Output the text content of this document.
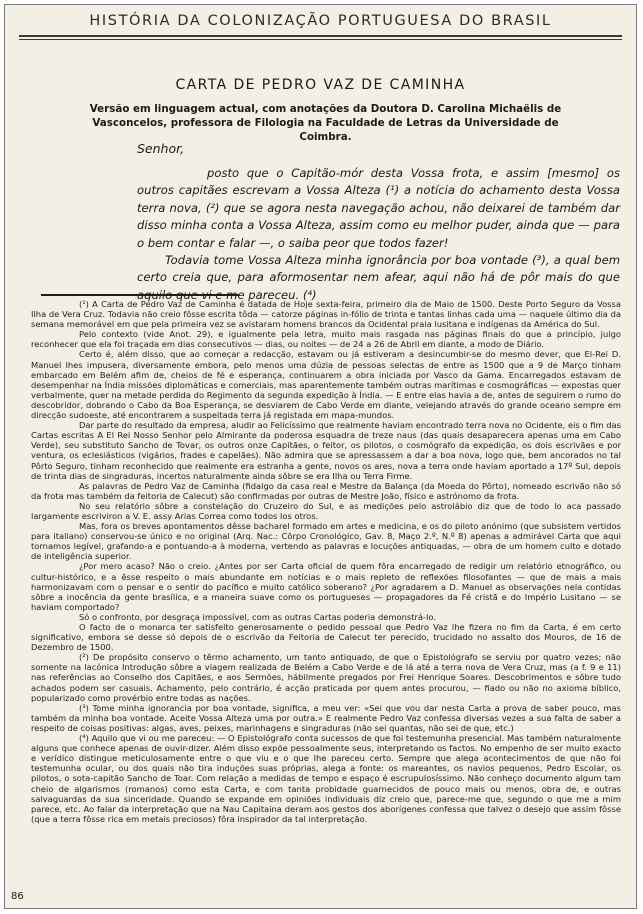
HISTÓRIA DA COLONIZAÇÃO PORTUGUESA DO BRASIL
CARTA DE PEDRO VAZ DE CAMINHA
Versão em linguagem actual, com anotações da Doutora D. Carolina Michaëlis de Vasconcelos, professora de Filologia na Faculdade de Letras da Universidade de Coimbra.
Senhor,

posto que o Capitão-mór desta Vossa frota, e assim [mesmo] os outros capitães escrevam a Vossa Alteza (¹) a notícia do achamento desta Vossa terra nova, (²) que se agora nesta navegação achou, não deixarei de também dar disso minha conta a Vossa Alteza, assim como eu melhor puder, ainda que — para o bem contar e falar —, o saiba peor que todos fazer!

Todavia tome Vossa Alteza minha ignorância por boa vontade (³), a qual bem certo creia que, para aformosentar nem afear, aqui não há de pôr mais do que aquilo que vi e me pareceu. (⁴)

(¹) A Carta de Pedro Vaz de Caminha é datada de Hoje sexta-feira, primeiro dia de Maio de 1500. Deste Porto Seguro da Vossa Ilha de Vera Cruz. Todavia não creio fôsse escrita tôda — catorze páginas in-fólio de trinta e tantas linhas cada uma — naquele último dia da semana memorável em que pela primeira vez se avistaram homens brancos da Ocidental praia lusitana e indígenas da América do Sul.

Pelo contexto (vide Anot. 29), e igualmente pela letra, muito mais rasgada nas páginas finais do que a princípio, julgo reconhecer que ela foi traçada em dias consecutivos — dias, ou noites — de 24 a 26 de Abril em diante, a modo de Diário.

Certo é, além disso, que ao começar a redacção, estavam ou já estiveram a desincumbir-se do mesmo dever, que El-Rei D. Manuel lhes impusera, diversamente embora, pelo menos uma dúzia de pessoas selectas de entre as 1500 que a 9 de Março tinham embarcado em Belém afim de, cheios de fé e esperança, continuarem a obra iniciada por Vasco da Gama. Encarregados estavam de desempenhar na Índia missões diplomáticas e comerciais, mas aparentemente também outras marítimas e cosmográficas — expostas quer verbalmente, quer na metade perdida do Regimento da segunda expedição à Índia. — E entre elas havia a de, antes de seguirem o rumo do descobridor, dobrando o Cabo da Boa Esperança, se desviarem de Cabo Verde em diante, velejando através do grande oceano sempre em direcção sudoeste, até encontrarem a suspeitada terra já registada em mapa-mundos.

Dar parte do resultado da empresa, aludir ao Felicíssimo que realmente haviam encontrado terra nova no Ocidente, eis o fim das Cartas escritas A El Rei Nosso Senhor pelo Almirante da poderosa esquadra de treze naus (das quais desaparecera apenas uma em Cabo Verde), seu substituto Sancho de Tovar, os outros onze Capitães, o feitor, os pilotos, o cosmógrafo da expedição, os dois escrivães e por ventura, os eclesiásticos (vigários, frades e capelães). Não admira que se apressassem a dar a boa nova, logo que, bem ancorados no tal Pôrto Seguro, tinham reconhecido que realmente era estranha a gente, novos os ares, nova a terra onde haviam aportado a 17º Sul, depois de trinta dias de singraduras, incertos naturalmente ainda sôbre se era Ilha ou Terra Firme.

As palavras de Pedro Vaz de Caminha (fidalgo da casa real e Mestre da Balança (da Moeda do Pôrto), nomeado escrivão não só da frota mas também da feitoria de Calecut) são confirmadas por outras de Mestre João, físico e astrónomo da frota.

No seu relatório sôbre a constelação do Cruzeiro do Sul, e as medições pelo astrolábio diz que de todo lo aca passado largamente escriviron a V. E. assy Arias Correa como todos los otros.

Mas, fora os breves apontamentos dêsse bacharel formado em artes e medicina, e os do piloto anónimo (que subsistem vertidos para italiano) conservou-se único e no original (Arq. Nac.: Côrpo Cronológico, Gav. 8, Maço 2.º, N.º 8) apenas a admirável Carta que aqui tornamos legível, grafando-a e pontuando-a à moderna, vertendo as palavras e locuções antiquadas, — obra de um homem culto e dotado de inteligência superior.

¿Por mero acaso? Não o creio. ¿Antes por ser Carta oficial de quem fôra encarregado de redigir um relatório etnográfico, ou cultur-histórico, e a êsse respeito o mais abundante em notícias e o mais repleto de reflexões filosofantes — que de mais a mais harmonizavam com o pensar e o sentir do pacífico e muito católico soberano? ¿Por agradarem a D. Manuel as observações nela contidas sôbre a inocência da gente brasílica, e a maneira suave como os portugueses — propagadores da Fé cristã e do Império Lusitano — se haviam comportado?

Só o confronto, por desgraça impossível, com as outras Cartas poderia demonstrá-lo.

O facto de o monarca ter satisfeito generosamente o pedido pessoal que Pedro Vaz lhe fizera no fim da Carta, é em certo significativo, embora se desse só depois de o escrivão da Feitoria de Calecut ter perecido, trucidado no assalto dos Mouros, de 16 de Dezembro de 1500.

(²) De propósito conservo o têrmo achamento, um tanto antiquado, de que o Epistológrafo se serviu por quatro vezes; não somente na lacónica Introdução sôbre a viagem realizada de Belém a Cabo Verde e de lá até a terra nova de Vera Cruz, mas (a f. 9 e 11) nas referências ao Conselho dos Capitães, e aos Sermões, hábilmente pregados por Frei Henrique Soares. Descobrimentos e sôbre tudo achados podem ser casuais. Achamento, pelo contrário, é acção praticada por quem antes procurou, — fiado ou não no axioma bíblico, popularizado como provérbio entre todas as nações.

(³) Tome minha ignorancia por boa vontade, significa, a meu ver: «Sei que vou dar nesta Carta a prova de saber pouco, mas também da minha boa vontade. Aceite Vossa Alteza uma por outra.» E realmente Pedro Vaz confessa diversas vezes a sua falta de saber a respeito de coisas positivas: algas, aves, peixes, marinhagens e singraduras (não sei quantas, não sei de que, etc.)

(⁴) Aquilo que vi ou me pareceu: — O Epistológrafo conta sucessos de que foi testemunha presencial. Mas também naturalmente alguns que conhece apenas de ouvir-dizer. Além disso expõe pessoalmente seus, interpretando os factos. No empenho de ser muito exacto e verídico distingue meticulosamente entre o que viu e o que lhe pareceu certo. Sempre que alega acontecimentos de que não foi testemunha ocular, ou dos quais não tira induções suas próprias, alega a fonte: os mareantes, os navios pequenos, Pedro Escolar, os pilotos, o sota-capitão Sancho de Toar. Com relação a medidas de tempo e espaço é escrupulosíssimo. Não conheço documento algum tam cheio de algarismos (romanos) como esta Carta, e com tanta probidade guarnecidos de pouco mais ou menos, obra de, e outras salvaguardas da sua sinceridade. Quando se expande em opiniões individuais diz creio que, parece-me que, segundo o que me a mim parece, etc. Ao falar da interpretação que na Nau Capitaina deram aos gestos dos aborígenes confessa que talvez o desejo que assim fôsse (que a terra fôsse rica em metais preciosos) fôra inspirador da tal interpretação.

86
